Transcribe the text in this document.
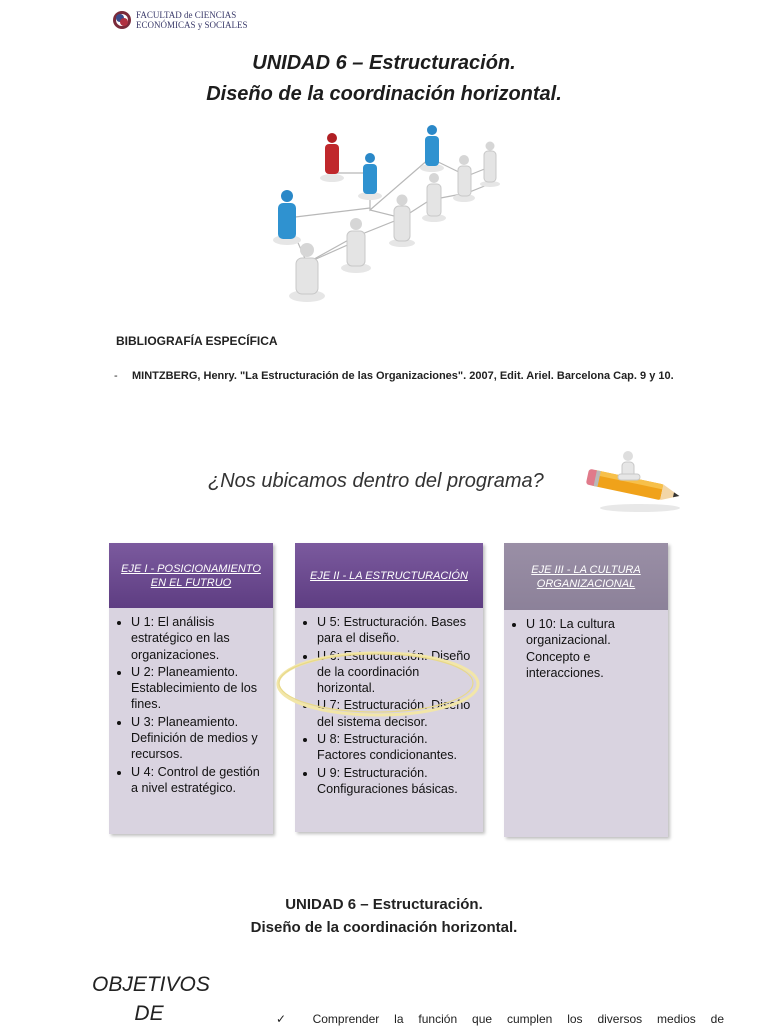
FACULTAD de CIENCIAS
ECONÓMICAS y SOCIALES
UNIDAD 6 – Estructuración.
Diseño de la coordinación horizontal.
BIBLIOGRAFÍA ESPECÍFICA
- MINTZBERG, Henry. "La Estructuración de las Organizaciones". 2007, Edit. Ariel. Barcelona Cap. 9 y 10.
¿Nos ubicamos dentro del programa?
EJE I - POSICIONAMIENTO EN EL FUTRUO
• U 1: El análisis estratégico en las organizaciones.
• U 2: Planeamiento. Establecimiento de los fines.
• U 3: Planeamiento. Definición de medios y recursos.
• U 4: Control de gestión a nivel estratégico.
EJE II - LA ESTRUCTURACIÓN
• U 5: Estructuración. Bases para el diseño.
• U 6: Estructuración. Diseño de la coordinación horizontal.
• U 7: Estructuración. Diseño del sistema decisor.
• U 8: Estructuración. Factores condicionantes.
• U 9: Estructuración. Configuraciones básicas.
EJE III - LA CULTURA ORGANIZACIONAL
• U 10: La cultura organizacional. Concepto e interacciones.
UNIDAD 6 – Estructuración.
Diseño de la coordinación horizontal.
OBJETIVOS
DE	✓ Comprender la función que cumplen los diversos medios de
